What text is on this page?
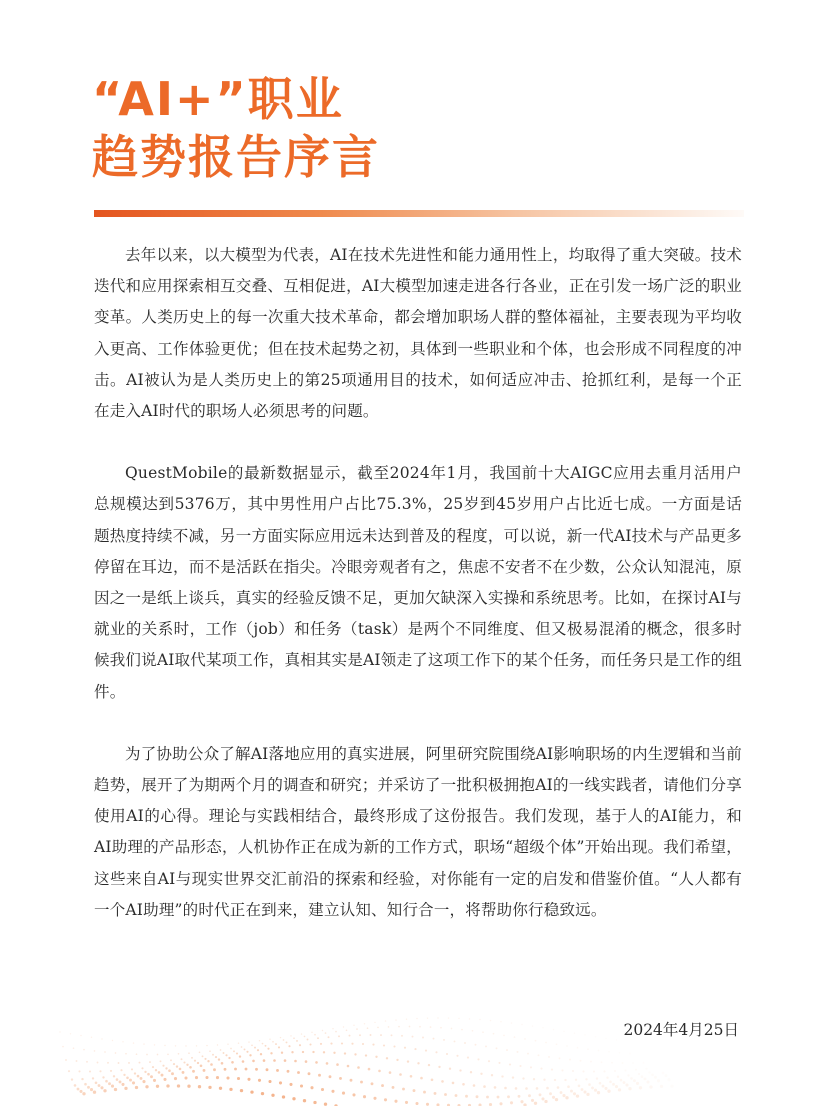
“AI+”职业
趋势报告序言

去年以来，以大模型为代表，AI在技术先进性和能力通用性上，均取得了重大突破。技术迭代和应用探索相互交叠、互相促进，AI大模型加速走进各行各业，正在引发一场广泛的职业变革。人类历史上的每一次重大技术革命，都会增加职场人群的整体福祉，主要表现为平均收入更高、工作体验更优；但在技术起势之初，具体到一些职业和个体，也会形成不同程度的冲击。AI被认为是人类历史上的第25项通用目的技术，如何适应冲击、抢抓红利，是每一个正在走入AI时代的职场人必须思考的问题。

QuestMobile的最新数据显示，截至2024年1月，我国前十大AIGC应用去重月活用户总规模达到5376万，其中男性用户占比75.3%，25岁到45岁用户占比近七成。一方面是话题热度持续不减，另一方面实际应用远未达到普及的程度，可以说，新一代AI技术与产品更多停留在耳边，而不是活跃在指尖。冷眼旁观者有之，焦虑不安者不在少数，公众认知混沌，原因之一是纸上谈兵，真实的经验反馈不足，更加欠缺深入实操和系统思考。比如，在探讨AI与就业的关系时，工作（job）和任务（task）是两个不同维度、但又极易混淆的概念，很多时候我们说AI取代某项工作，真相其实是AI领走了这项工作下的某个任务，而任务只是工作的组件。

为了协助公众了解AI落地应用的真实进展，阿里研究院围绕AI影响职场的内生逻辑和当前趋势，展开了为期两个月的调查和研究；并采访了一批积极拥抱AI的一线实践者，请他们分享使用AI的心得。理论与实践相结合，最终形成了这份报告。我们发现，基于人的AI能力，和AI助理的产品形态，人机协作正在成为新的工作方式，职场“超级个体”开始出现。我们希望，这些来自AI与现实世界交汇前沿的探索和经验，对你能有一定的启发和借鉴价值。“人人都有一个AI助理”的时代正在到来，建立认知、知行合一，将帮助你行稳致远。

2024年4月25日
